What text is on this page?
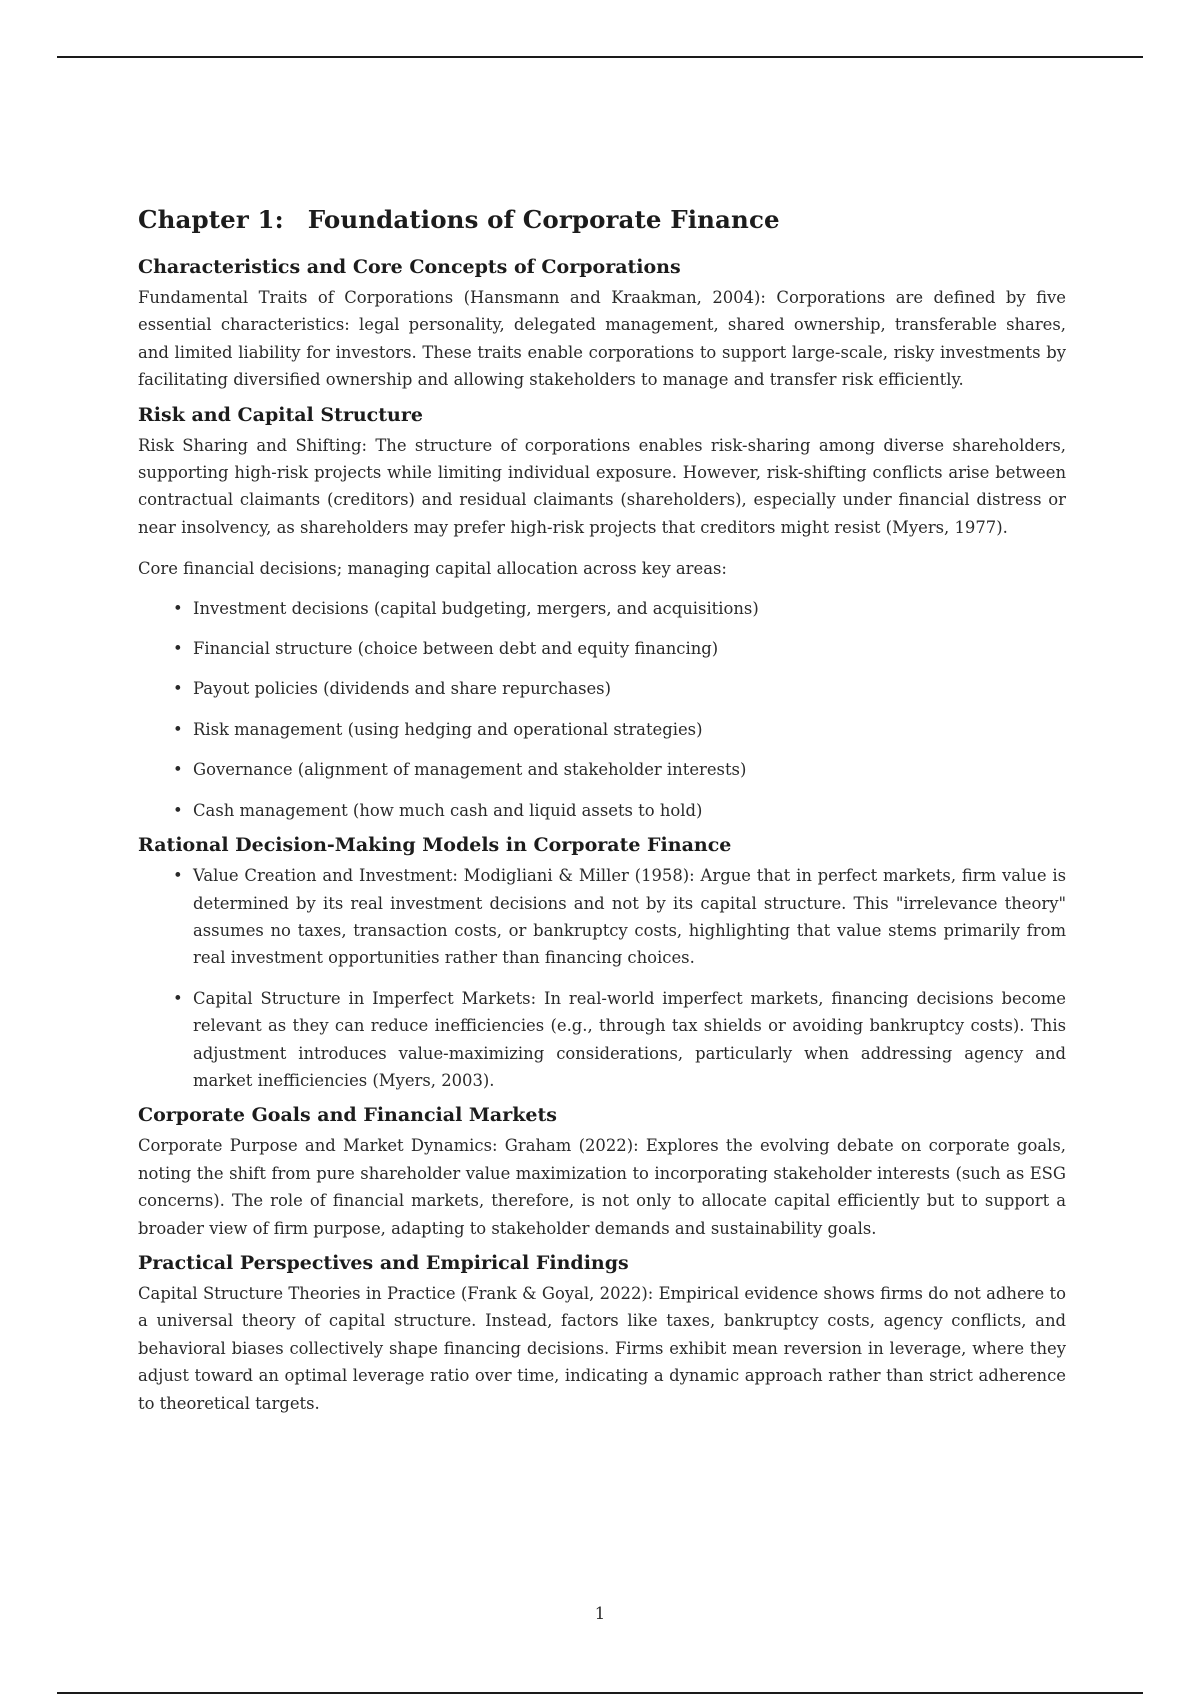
Chapter 1: Foundations of Corporate Finance
Characteristics and Core Concepts of Corporations

Fundamental Traits of Corporations (Hansmann and Kraakman, 2004): Corporations are defined by five essential characteristics: legal personality, delegated management, shared ownership, transferable shares, and limited liability for investors. These traits enable corporations to support large-scale, risky investments by facilitating diversified ownership and allowing stakeholders to manage and transfer risk efficiently.

Risk and Capital Structure

Risk Sharing and Shifting: The structure of corporations enables risk-sharing among diverse shareholders, supporting high-risk projects while limiting individual exposure. However, risk-shifting conflicts arise between contractual claimants (creditors) and residual claimants (shareholders), especially under financial distress or near insolvency, as shareholders may prefer high-risk projects that creditors might resist (Myers, 1977).

Core financial decisions; managing capital allocation across key areas:

• Investment decisions (capital budgeting, mergers, and acquisitions)
• Financial structure (choice between debt and equity financing)
• Payout policies (dividends and share repurchases)
• Risk management (using hedging and operational strategies)
• Governance (alignment of management and stakeholder interests)
• Cash management (how much cash and liquid assets to hold)
Rational Decision-Making Models in Corporate Finance
• Value Creation and Investment: Modigliani & Miller (1958): Argue that in perfect markets, firm value is determined by its real investment decisions and not by its capital structure. This "irrelevance theory" assumes no taxes, transaction costs, or bankruptcy costs, highlighting that value stems primarily from real investment opportunities rather than financing choices.
• Capital Structure in Imperfect Markets: In real-world imperfect markets, financing decisions become relevant as they can reduce inefficiencies (e.g., through tax shields or avoiding bankruptcy costs). This adjustment introduces value-maximizing considerations, particularly when addressing agency and market inefficiencies (Myers, 2003).
Corporate Goals and Financial Markets

Corporate Purpose and Market Dynamics: Graham (2022): Explores the evolving debate on corporate goals, noting the shift from pure shareholder value maximization to incorporating stakeholder interests (such as ESG concerns). The role of financial markets, therefore, is not only to allocate capital efficiently but to support a broader view of firm purpose, adapting to stakeholder demands and sustainability goals.

Practical Perspectives and Empirical Findings

Capital Structure Theories in Practice (Frank & Goyal, 2022): Empirical evidence shows firms do not adhere to a universal theory of capital structure. Instead, factors like taxes, bankruptcy costs, agency conflicts, and behavioral biases collectively shape financing decisions. Firms exhibit mean reversion in leverage, where they adjust toward an optimal leverage ratio over time, indicating a dynamic approach rather than strict adherence to theoretical targets.

1
